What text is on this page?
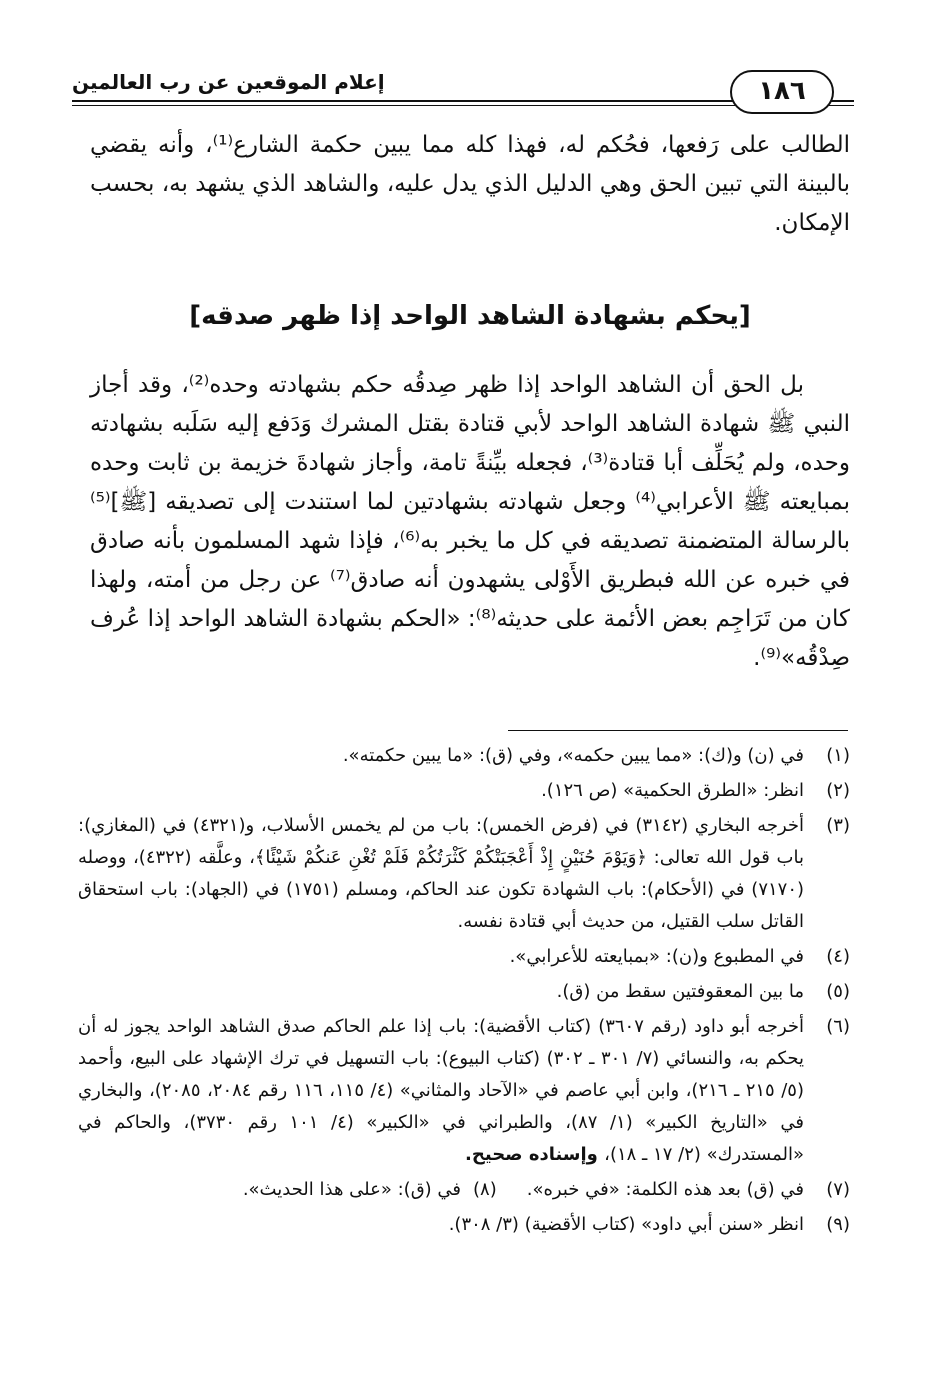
١٨٦
إعلام الموقعين عن رب العالمين

الطالب على رَفعها، فحُكم له، فهذا كله مما يبين حكمة الشارع⁽¹⁾، وأنه يقضي بالبينة التي تبين الحق وهي الدليل الذي يدل عليه، والشاهد الذي يشهد به، بحسب الإمكان.

[يحكم بشهادة الشاهد الواحد إذا ظهر صدقه]

بل الحق أن الشاهد الواحد إذا ظهر صِدقُه حكم بشهادته وحده⁽²⁾، وقد أجاز النبي ﷺ شهادة الشاهد الواحد لأبي قتادة بقتل المشرك وَدَفع إليه سَلَبه بشهادته وحده، ولم يُحَلِّف أبا قتادة⁽³⁾، فجعله بيِّنةً تامة، وأجاز شهادةَ خزيمة بن ثابت وحده بمبايعته ﷺ الأعرابي⁽⁴⁾ وجعل شهادته بشهادتين لما استندت إلى تصديقه [ﷺ]⁽⁵⁾ بالرسالة المتضمنة تصديقه في كل ما يخبر به⁽⁶⁾، فإذا شهد المسلمون بأنه صادق في خبره عن الله فبطريق الأَوْلى يشهدون أنه صادق⁽⁷⁾ عن رجل من أمته، ولهذا كان من تَرَاجِم بعض الأئمة على حديثه⁽⁸⁾: «الحكم بشهادة الشاهد الواحد إذا عُرف صِدْقُه»⁽⁹⁾.

(١)
في (ن) و(ك): «مما يبين حكمه»، وفي (ق): «ما يبين حكمته».
(٢)
انظر: «الطرق الحكمية» (ص ١٢٦).
(٣)
أخرجه البخاري (٣١٤٢) في (فرض الخمس): باب من لم يخمس الأسلاب، و(٤٣٢١) في (المغازي): باب قول الله تعالى: ﴿وَيَوْمَ حُنَيْنٍ إِذْ أَعْجَبَتْكُمْ كَثْرَتُكُمْ فَلَمْ تُغْنِ عَنكُمْ شَيْئًا﴾، وعلَّقه (٤٣٢٢)، ووصله (٧١٧٠) في (الأحكام): باب الشهادة تكون عند الحاكم، ومسلم (١٧٥١) في (الجهاد): باب استحقاق القاتل سلب القتيل، من حديث أبي قتادة نفسه.
(٤)
في المطبوع و(ن): «بمبايعته للأعرابي».
(٥)
ما بين المعقوفتين سقط من (ق).
(٦)
أخرجه أبو داود (رقم ٣٦٠٧) (كتاب الأقضية): باب إذا علم الحاكم صدق الشاهد الواحد يجوز له أن يحكم به، والنسائي (٧/ ٣٠١ ـ ٣٠٢) (كتاب البيوع): باب التسهيل في ترك الإشهاد على البيع، وأحمد (٥/ ٢١٥ ـ ٢١٦)، وابن أبي عاصم في «الآحاد والمثاني» (٤/ ١١٥، ١١٦ رقم ٢٠٨٤، ٢٠٨٥)، والبخاري في «التاريخ الكبير» (١/ ٨٧)، والطبراني في «الكبير» (٤/ ١٠١ رقم ٣٧٣٠)، والحاكم في «المستدرك» (٢/ ١٧ ـ ١٨)، وإسناده صحيح.
(٧)
في (ق) بعد هذه الكلمة: «في خبره».
(٨)
في (ق): «على هذا الحديث».
(٩)
انظر «سنن أبي داود» (كتاب الأقضية) (٣/ ٣٠٨).
